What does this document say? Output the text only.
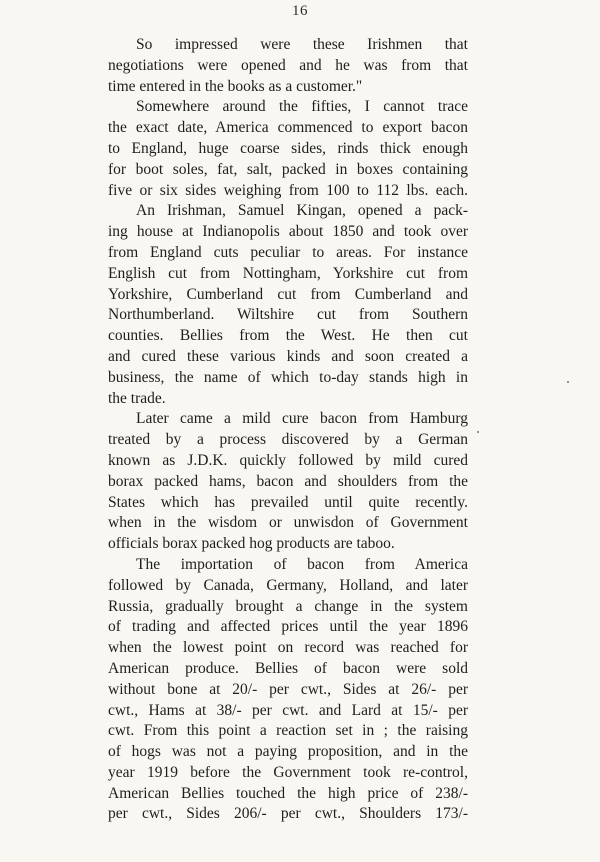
16

So impressed were these Irishmen that
negotiations were opened and he was from that
time entered in the books as a customer."

Somewhere around the fifties, I cannot trace
the exact date, America commenced to export bacon
to England, huge coarse sides, rinds thick enough
for boot soles, fat, salt, packed in boxes containing
five or six sides weighing from 100 to 112 lbs. each.

An Irishman, Samuel Kingan, opened a pack-
ing house at Indianopolis about 1850 and took over
from England cuts peculiar to areas. For instance
English cut from Nottingham, Yorkshire cut from
Yorkshire, Cumberland cut from Cumberland and
Northumberland. Wiltshire cut from Southern
counties. Bellies from the West. He then cut
and cured these various kinds and soon created a
business, the name of which to-day stands high in
the trade.

Later came a mild cure bacon from Hamburg
treated by a process discovered by a German
known as J.D.K. quickly followed by mild cured
borax packed hams, bacon and shoulders from the
States which has prevailed until quite recently.
when in the wisdom or unwisdon of Government
officials borax packed hog products are taboo.

The importation of bacon from America
followed by Canada, Germany, Holland, and later
Russia, gradually brought a change in the system
of trading and affected prices until the year 1896
when the lowest point on record was reached for
American produce. Bellies of bacon were sold
without bone at 20/- per cwt., Sides at 26/- per
cwt., Hams at 38/- per cwt. and Lard at 15/- per
cwt. From this point a reaction set in ; the raising
of hogs was not a paying proposition, and in the
year 1919 before the Government took re-control,
American Bellies touched the high price of 238/-
per cwt., Sides 206/- per cwt., Shoulders 173/-
